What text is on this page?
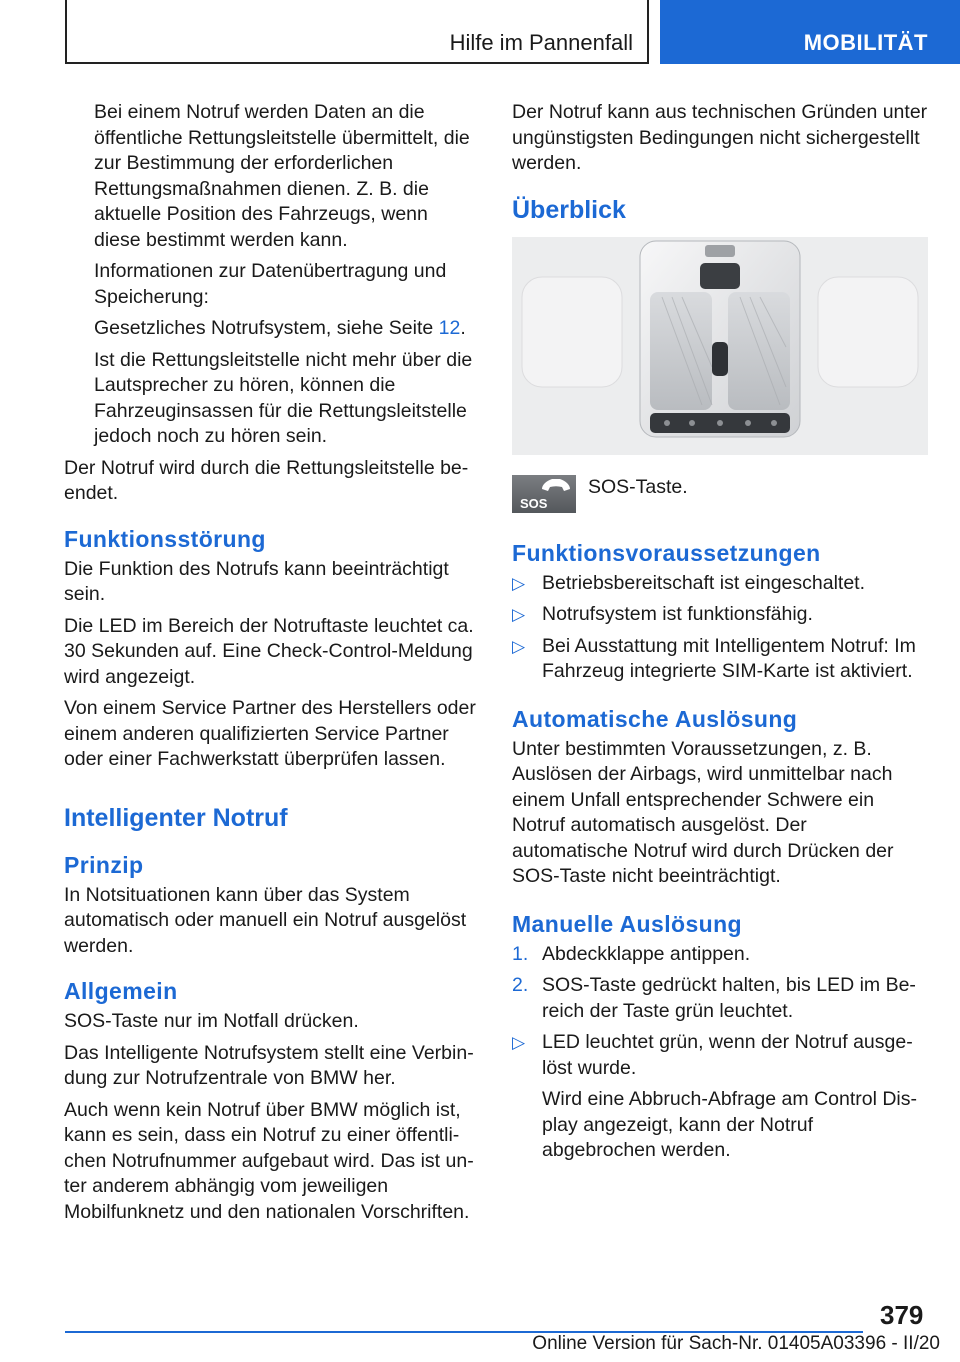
Hilfe im Pannenfall	MOBILITÄT

Bei einem Notruf werden Daten an die öffentliche Rettungsleitstelle übermittelt, die zur Bestimmung der erforderlichen Rettungsmaßnahmen dienen. Z. B. die aktuelle Position des Fahrzeugs, wenn diese bestimmt werden kann.

Informationen zur Datenübertragung und Speicherung:

Gesetzliches Notrufsystem, siehe Seite 12.

Ist die Rettungsleitstelle nicht mehr über die Lautsprecher zu hören, können die Fahrzeuginsassen für die Rettungsleitstelle jedoch noch zu hören sein.

Der Notruf wird durch die Rettungsleitstelle beendet.

Funktionsstörung

Die Funktion des Notrufs kann beeinträchtigt sein.

Die LED im Bereich der Notruftaste leuchtet ca. 30 Sekunden auf. Eine Check-Control-Meldung wird angezeigt.

Von einem Service Partner des Herstellers oder einem anderen qualifizierten Service Partner oder einer Fachwerkstatt überprüfen lassen.

Intelligenter Notruf
Prinzip

In Notsituationen kann über das System automatisch oder manuell ein Notruf ausgelöst werden.

Allgemein

SOS-Taste nur im Notfall drücken.

Das Intelligente Notrufsystem stellt eine Verbindung zur Notrufzentrale von BMW her.

Auch wenn kein Notruf über BMW möglich ist, kann es sein, dass ein Notruf zu einer öffentlichen Notrufnummer aufgebaut wird. Das ist unter anderem abhängig vom jeweiligen Mobilfunknetz und den nationalen Vorschriften.

Der Notruf kann aus technischen Gründen unter ungünstigsten Bedingungen nicht sichergestellt werden.

Überblick
SOS

SOS-Taste.

Funktionsvoraussetzungen
▷ Betriebsbereitschaft ist eingeschaltet.
▷ Notrufsystem ist funktionsfähig.
▷ Bei Ausstattung mit Intelligentem Notruf: Im Fahrzeug integrierte SIM-Karte ist aktiviert.
Automatische Auslösung

Unter bestimmten Voraussetzungen, z. B. Auslösen der Airbags, wird unmittelbar nach einem Unfall entsprechender Schwere ein Notruf automatisch ausgelöst. Der automatische Notruf wird durch Drücken der SOS-Taste nicht beeinträchtigt.

Manuelle Auslösung
1. Abdeckklappe antippen.
2. SOS-Taste gedrückt halten, bis LED im Bereich der Taste grün leuchtet.
▷ LED leuchtet grün, wenn der Notruf ausgelöst wurde.

Wird eine Abbruch-Abfrage am Control Display angezeigt, kann der Notruf abgebrochen werden.

379
Online Version für Sach-Nr. 01405A03396 - II/20
